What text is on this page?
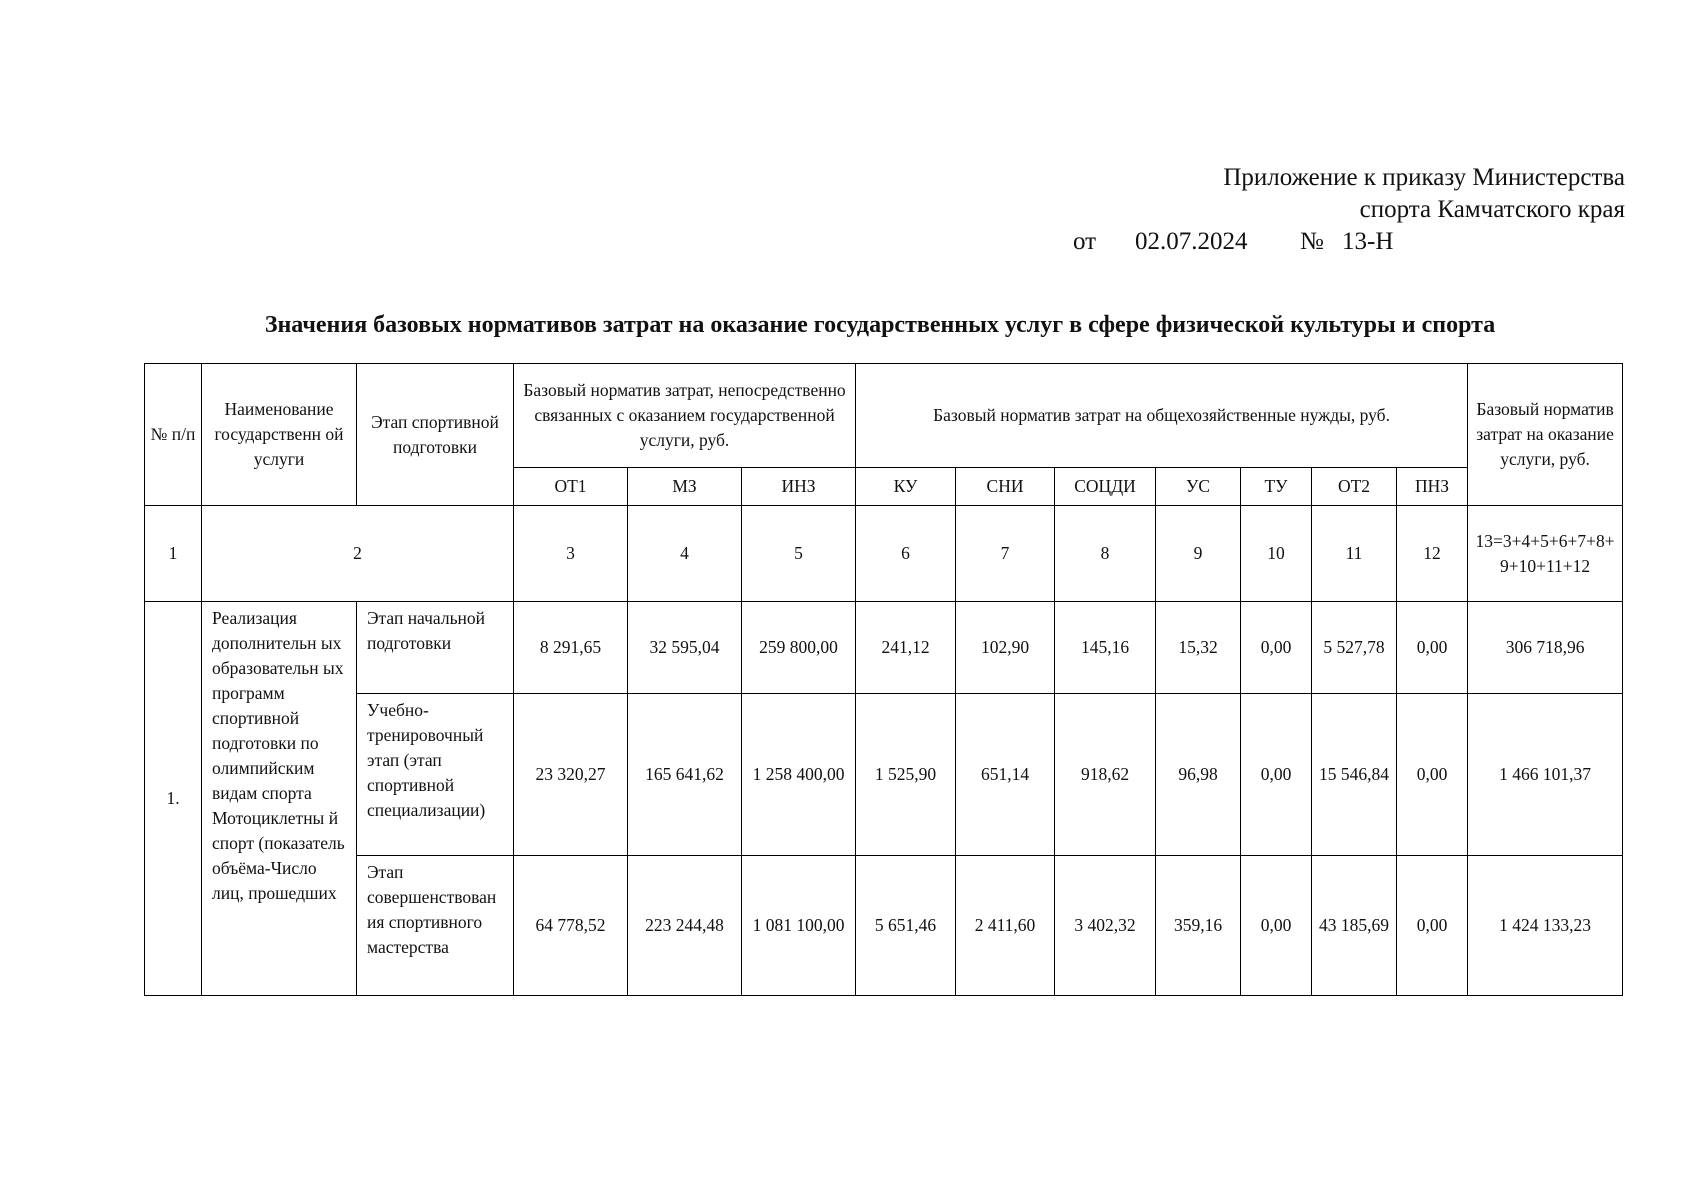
Приложение к приказу Министерства
спорта Камчатского края
от 02.07.2024 № 13-Н
Значения базовых нормативов затрат на оказание государственных услуг в сфере физической культуры и спорта
№ п/п	Наименование государственн ой услуги	Этап спортивной подготовки	Базовый норматив затрат, непосредственно связанных с оказанием государственной услуги, руб.			Базовый норматив затрат на общехозяйственные нужды, руб.							Базовый норматив затрат на оказание услуги, руб.
			ОТ1	МЗ	ИНЗ	КУ	СНИ	СОЦДИ	УС	ТУ	ОТ2	ПНЗ	
1	2		3	4	5	6	7	8	9	10	11	12	13=3+4+5+6+7+8+9+10+11+12
1.	Реализация дополнительн ых образовательн ых программ спортивной подготовки по олимпийским видам спорта Мотоциклетны й спорт (показатель объёма-Число лиц, прошедших	Этап начальной подготовки	8 291,65	32 595,04	259 800,00	241,12	102,90	145,16	15,32	0,00	5 527,78	0,00	306 718,96
		Учебно-тренировочный этап (этап спортивной специализации)	23 320,27	165 641,62	1 258 400,00	1 525,90	651,14	918,62	96,98	0,00	15 546,84	0,00	1 466 101,37
		Этап совершенствования спортивного мастерства	64 778,52	223 244,48	1 081 100,00	5 651,46	2 411,60	3 402,32	359,16	0,00	43 185,69	0,00	1 424 133,23
